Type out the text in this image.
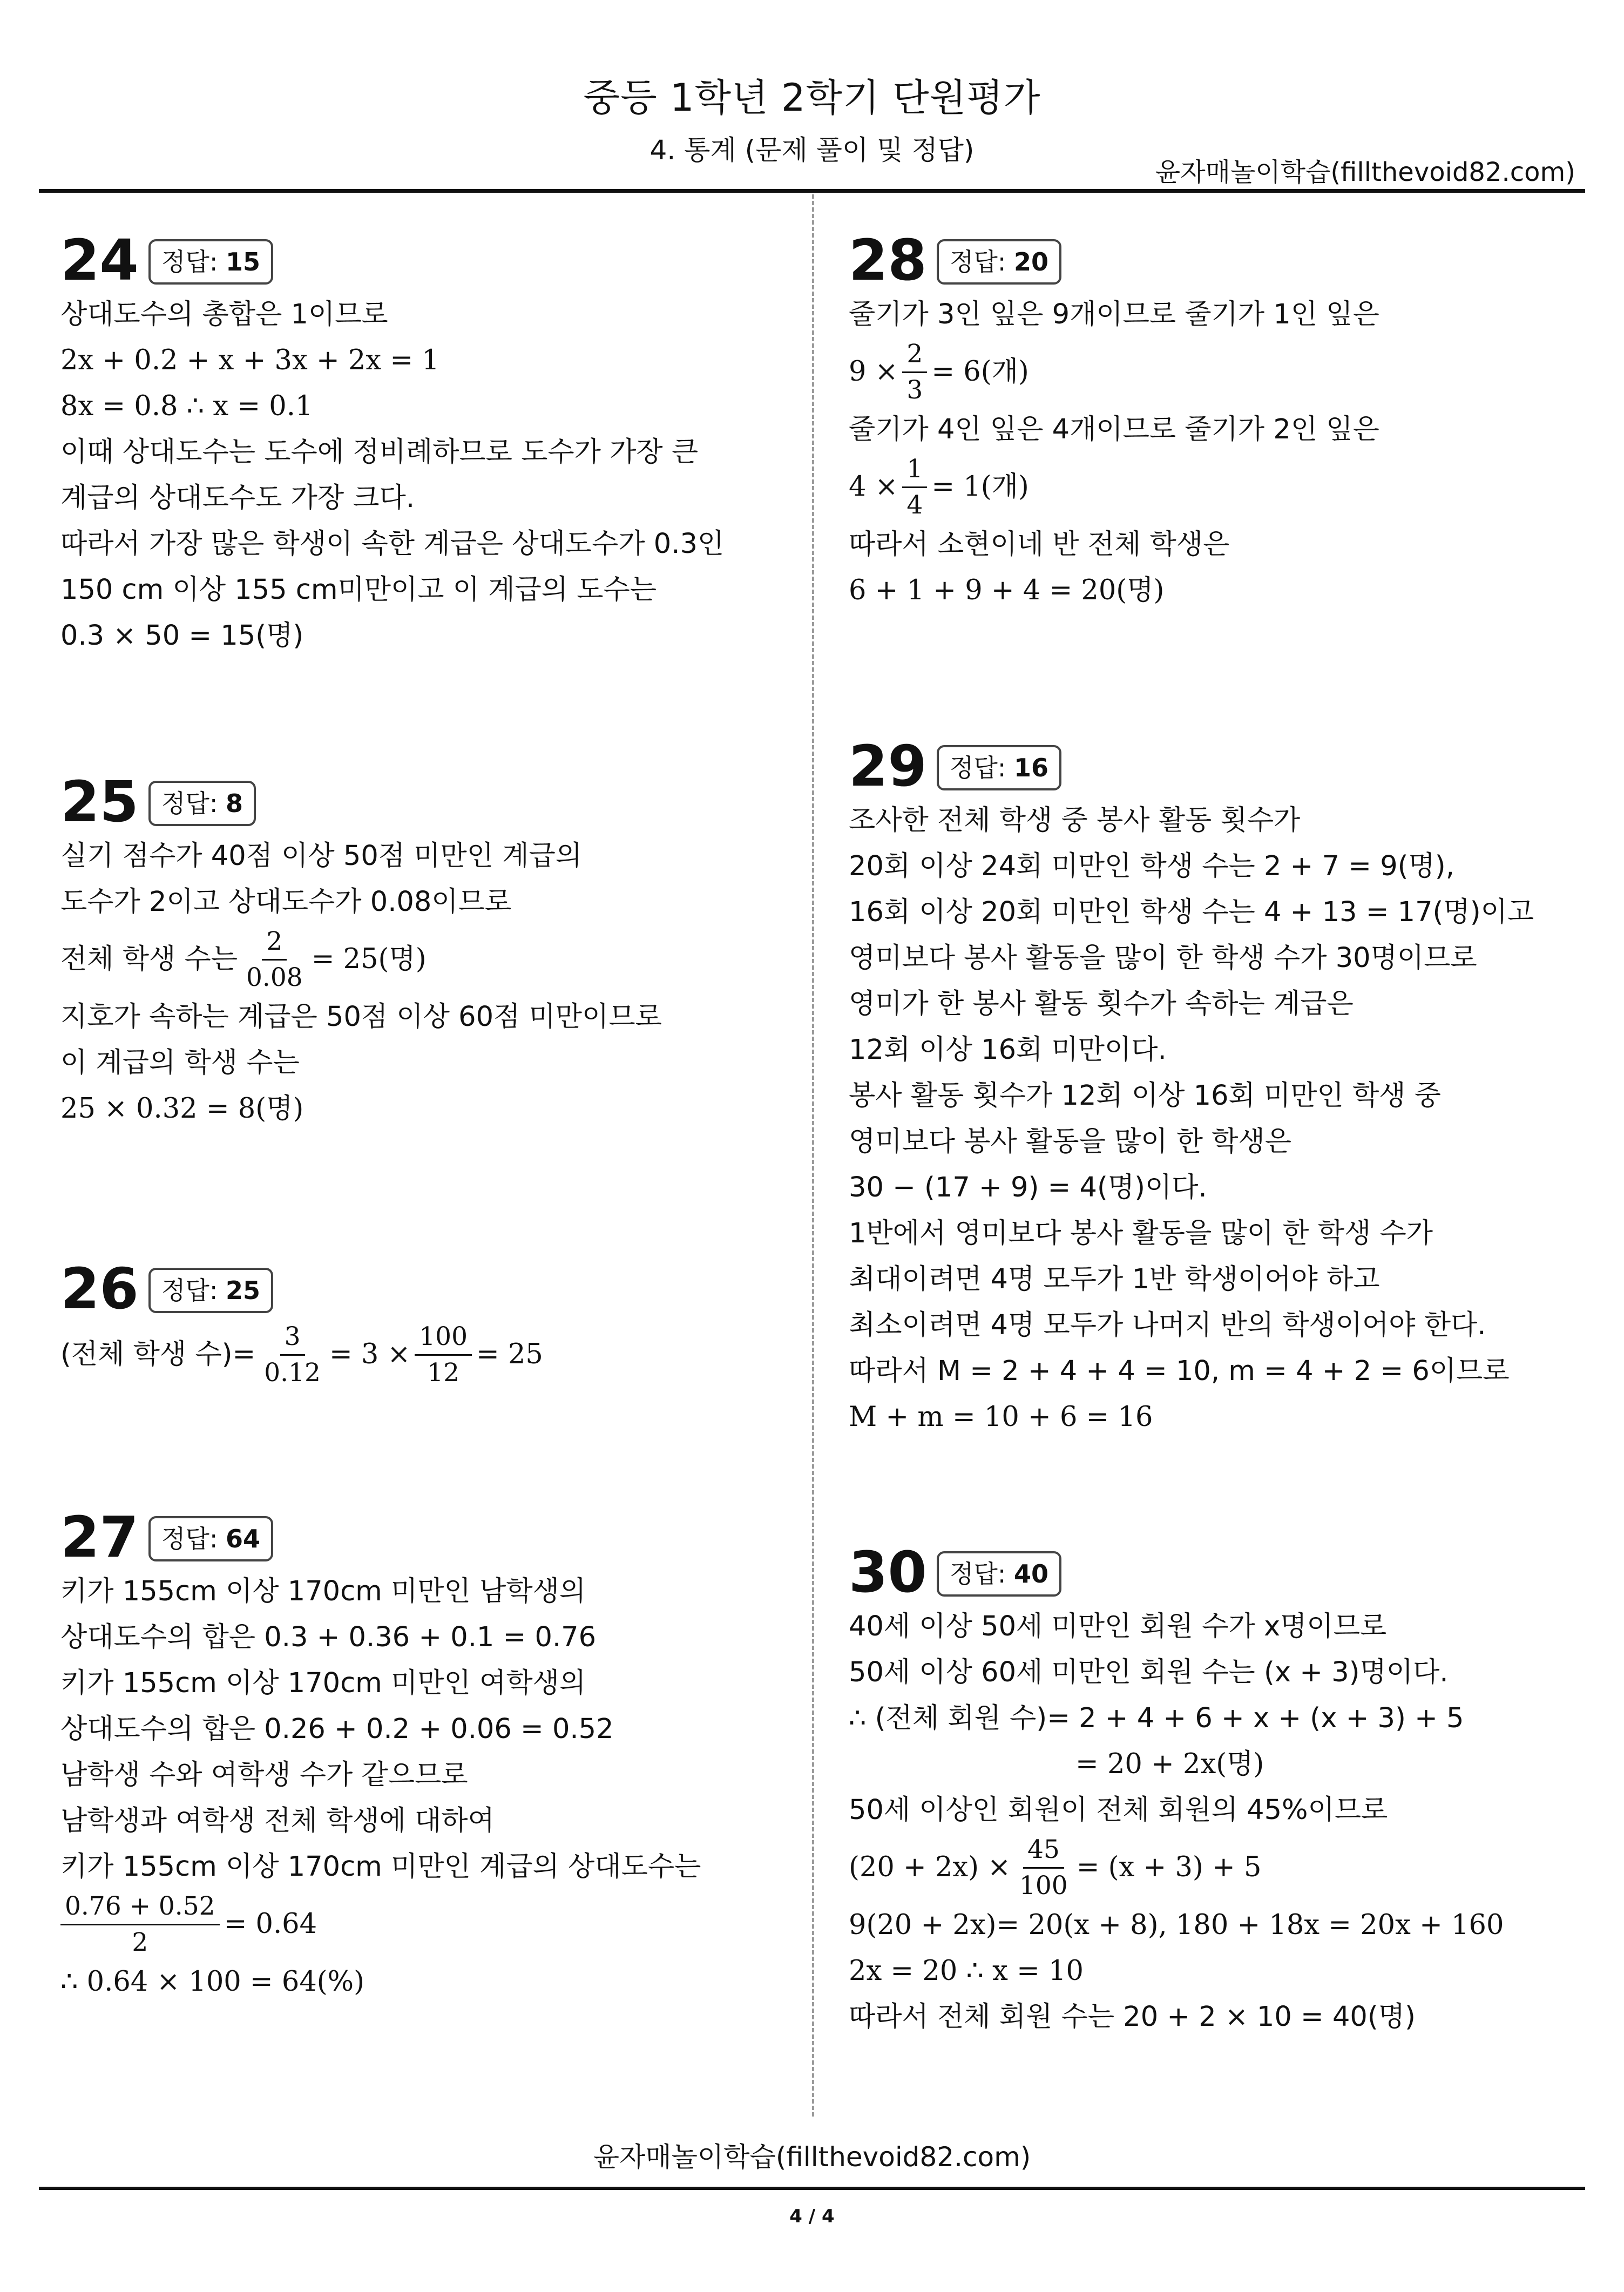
중등 1학년 2학기 단원평가
4. 통계 (문제 풀이 및 정답)
윤자매놀이학습(fillthevoid82.com)
24 정답: 15
상대도수의 총합은 1이므로
2x + 0.2 + x + 3x + 2x = 1
8x = 0.8 ∴ x = 0.1
이때 상대도수는 도수에 정비례하므로 도수가 가장 큰
계급의 상대도수도 가장 크다.
따라서 가장 많은 학생이 속한 계급은 상대도수가 0.3인
150 cm 이상 155 cm미만이고 이 계급의 도수는
0.3 × 50 = 15(명)
25 정답: 8
실기 점수가 40점 이상 50점 미만인 계급의
도수가 2이고 상대도수가 0.08이므로
전체 학생 수는 $\frac{2}{0.08} = 25$(명)
지호가 속하는 계급은 50점 이상 60점 미만이므로
이 계급의 학생 수는
25 × 0.32 = 8(명)
26 정답: 25
(전체 학생 수)= $\frac{3}{0.12} = 3 \times \frac{100}{12} = 25$
27 정답: 64
키가 155cm 이상 170cm 미만인 남학생의
상대도수의 합은 0.3 + 0.36 + 0.1 = 0.76
키가 155cm 이상 170cm 미만인 여학생의
상대도수의 합은 0.26 + 0.2 + 0.06 = 0.52
남학생 수와 여학생 수가 같으므로
남학생과 여학생 전체 학생에 대하여
키가 155cm 이상 170cm 미만인 계급의 상대도수는
$\frac{0.76 + 0.52}{2} = 0.64$
∴ 0.64 × 100 = 64(%)
28 정답: 20
줄기가 3인 잎은 9개이므로 줄기가 1인 잎은
$9 \times \frac{2}{3} = 6$(개)
줄기가 4인 잎은 4개이므로 줄기가 2인 잎은
$4 \times \frac{1}{4} = 1$(개)
따라서 소현이네 반 전체 학생은
6 + 1 + 9 + 4 = 20(명)
29 정답: 16
조사한 전체 학생 중 봉사 활동 횟수가
20회 이상 24회 미만인 학생 수는 2 + 7 = 9(명),
16회 이상 20회 미만인 학생 수는 4 + 13 = 17(명)이고
영미보다 봉사 활동을 많이 한 학생 수가 30명이므로
영미가 한 봉사 활동 횟수가 속하는 계급은
12회 이상 16회 미만이다.
봉사 활동 횟수가 12회 이상 16회 미만인 학생 중
영미보다 봉사 활동을 많이 한 학생은
30 − (17 + 9) = 4(명)이다.
1반에서 영미보다 봉사 활동을 많이 한 학생 수가
최대이려면 4명 모두가 1반 학생이어야 하고
최소이려면 4명 모두가 나머지 반의 학생이어야 한다.
따라서 M = 2 + 4 + 4 = 10, m = 4 + 2 = 6이므로
M + m = 10 + 6 = 16
30 정답: 40
40세 이상 50세 미만인 회원 수가 x명이므로
50세 이상 60세 미만인 회원 수는 (x + 3)명이다.
∴ (전체 회원 수)= 2 + 4 + 6 + x + (x + 3) + 5
= 20 + 2x(명)
50세 이상인 회원이 전체 회원의 45%이므로
$(20 + 2x) \times \frac{45}{100} = (x + 3) + 5$
9(20 + 2x)= 20(x + 8), 180 + 18x = 20x + 160
2x = 20 ∴ x = 10
따라서 전체 회원 수는 20 + 2 × 10 = 40(명)
윤자매놀이학습(fillthevoid82.com)
4 / 4
